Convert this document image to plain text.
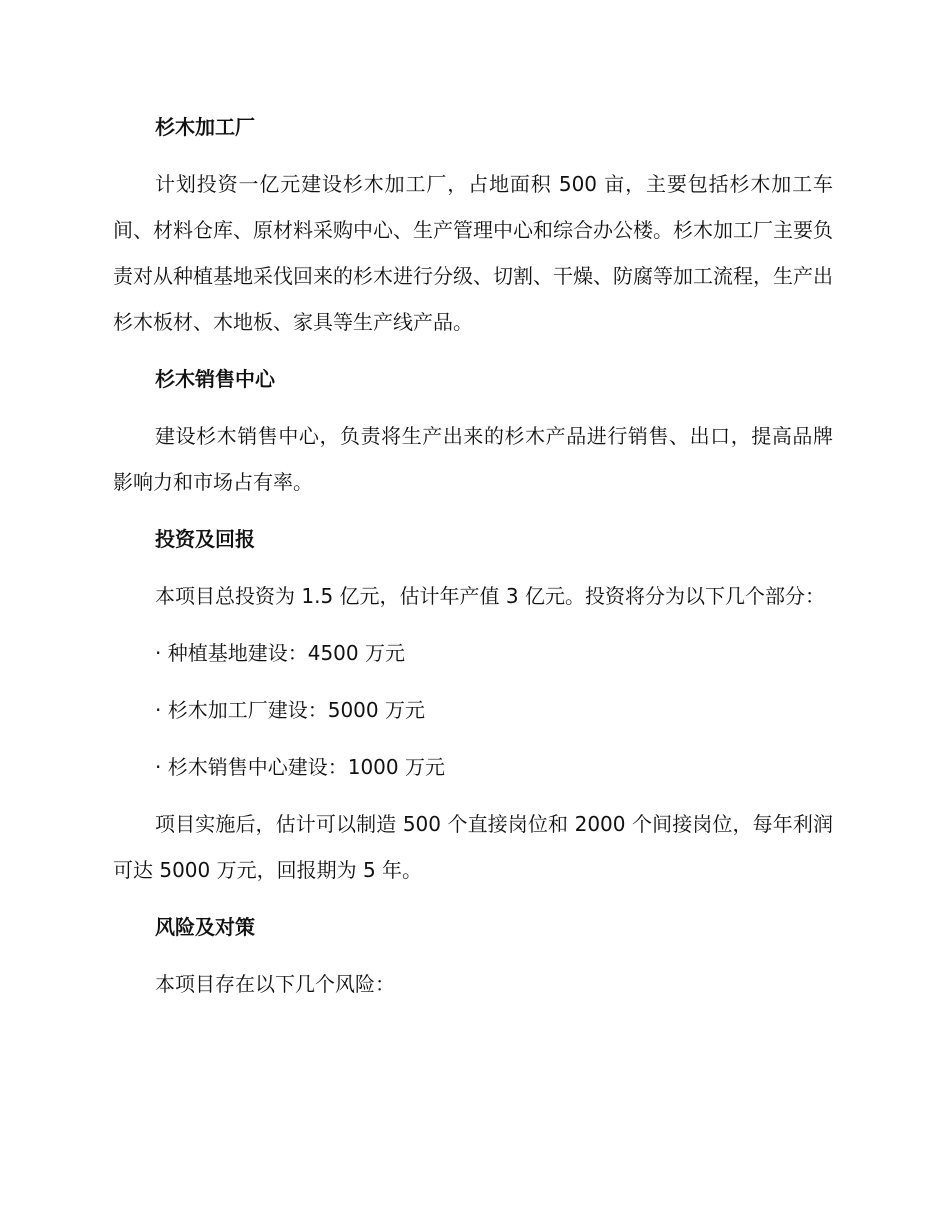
杉木加工厂

计划投资一亿元建设杉木加工厂，占地面积 500 亩，主要包括杉木加工车间、材料仓库、原材料采购中心、生产管理中心和综合办公楼。杉木加工厂主要负责对从种植基地采伐回来的杉木进行分级、切割、干燥、防腐等加工流程，生产出杉木板材、木地板、家具等生产线产品。

杉木销售中心

建设杉木销售中心，负责将生产出来的杉木产品进行销售、出口，提高品牌影响力和市场占有率。

投资及回报

本项目总投资为 1.5 亿元，估计年产值 3 亿元。投资将分为以下几个部分：

· 种植基地建设：4500 万元
· 杉木加工厂建设：5000 万元
· 杉木销售中心建设：1000 万元

项目实施后，估计可以制造 500 个直接岗位和 2000 个间接岗位，每年利润可达 5000 万元，回报期为 5 年。

风险及对策

本项目存在以下几个风险：
